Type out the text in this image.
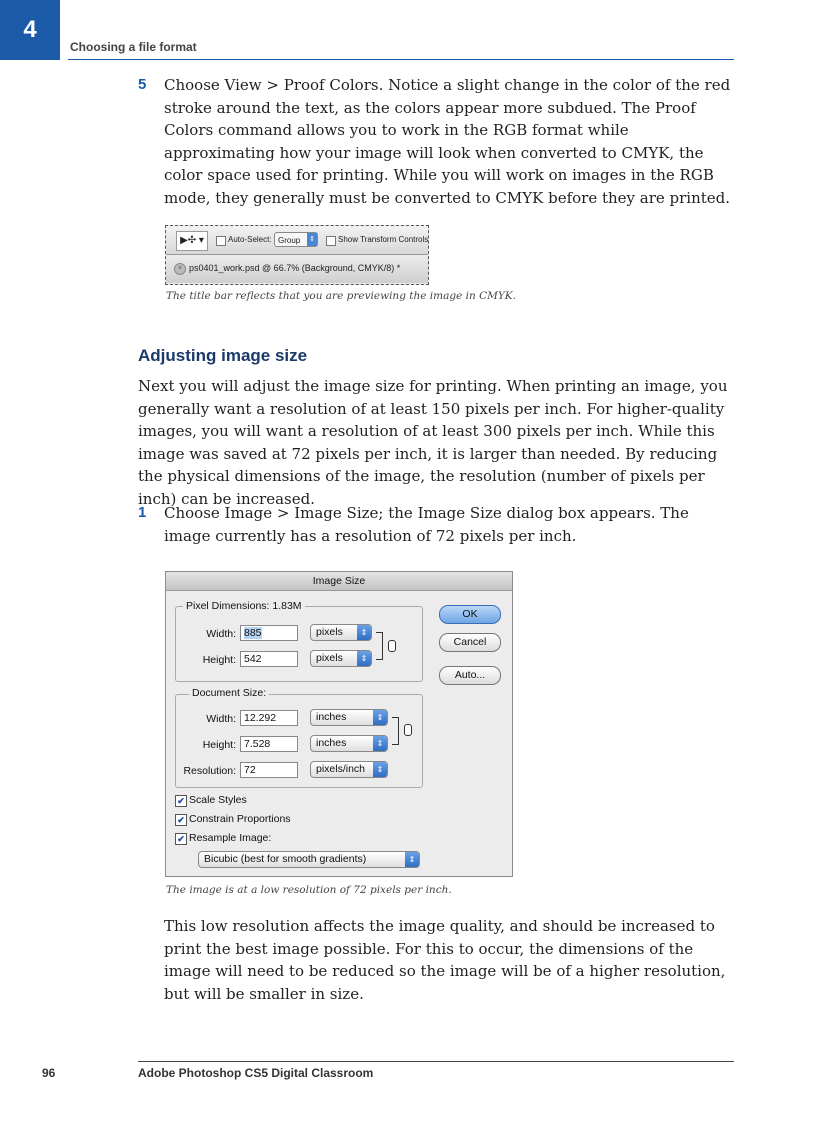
4
Choosing a file format
5 Choose View > Proof Colors. Notice a slight change in the color of the red stroke around the text, as the colors appear more subdued. The Proof Colors command allows you to work in the RGB format while approximating how your image will look when converted to CMYK, the color space used for printing. While you will work on images in the RGB mode, they generally must be converted to CMYK before they are printed.
▶✣ ▾	Auto-Select: Group ⇕	Show Transform Controls
× ps0401_work.psd @ 66.7% (Background, CMYK/8) *
The title bar reflects that you are previewing the image in CMYK.
Adjusting image size
Next you will adjust the image size for printing. When printing an image, you generally want a resolution of at least 150 pixels per inch. For higher-quality images, you will want a resolution of at least 300 pixels per inch. While this image was saved at 72 pixels per inch, it is larger than needed. By reducing the physical dimensions of the image, the resolution (number of pixels per inch) can be increased.
1 Choose Image > Image Size; the Image Size dialog box appears. The image currently has a resolution of 72 pixels per inch.
Image Size
Pixel Dimensions: 1.83M
Width: 885	pixels	⇕
Height: 542	pixels	⇕
Document Size:
Width: 12.292	inches	⇕
Height: 7.528	inches	⇕
Resolution: 72	pixels/inch	⇕
✔ Scale Styles
✔ Constrain Proportions
✔ Resample Image:
Bicubic (best for smooth gradients)	⇕
OK
Cancel
Auto...
The image is at a low resolution of 72 pixels per inch.
This low resolution affects the image quality, and should be increased to print the best image possible. For this to occur, the dimensions of the image will need to be reduced so the image will be of a higher resolution, but will be smaller in size.
96	Adobe Photoshop CS5 Digital Classroom
